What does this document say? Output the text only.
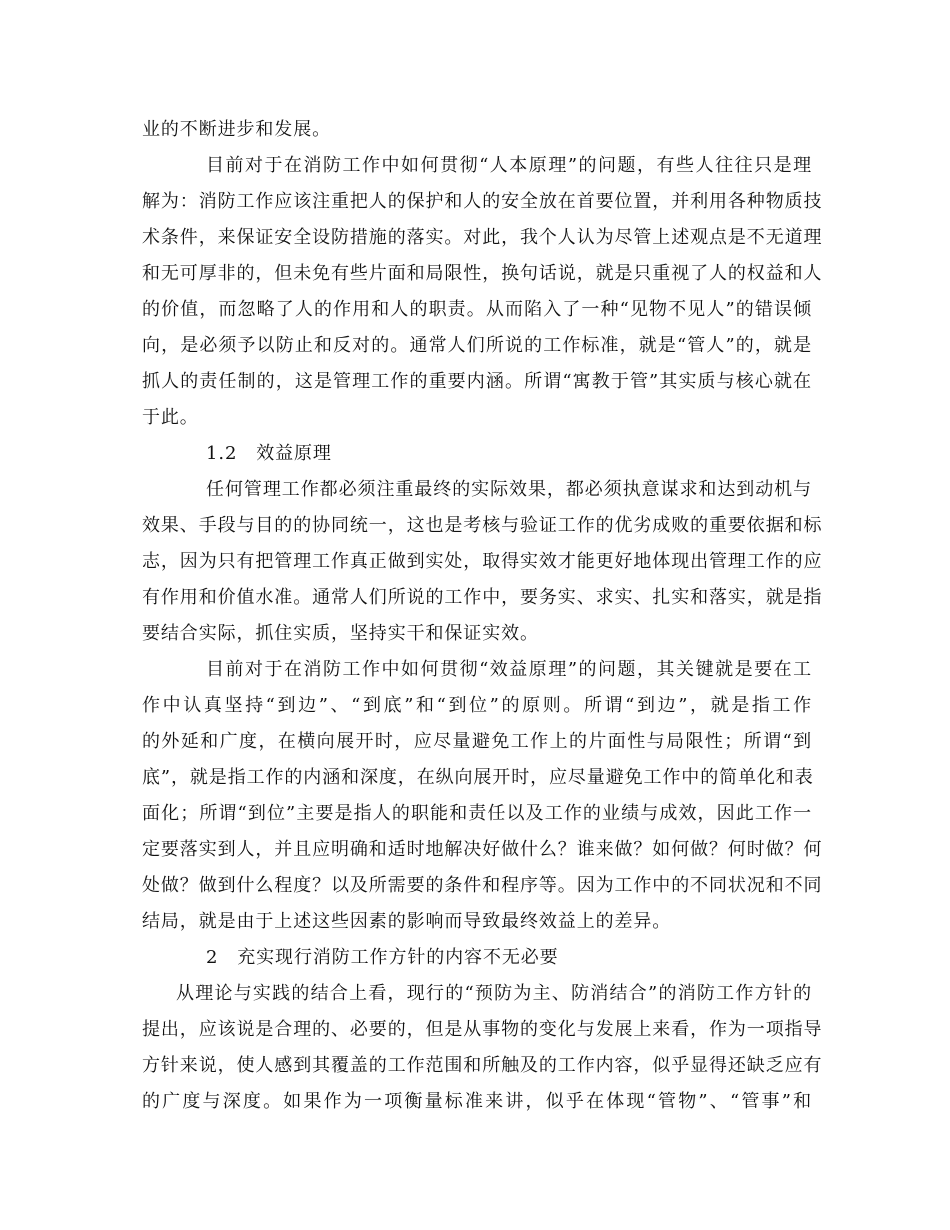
业的不断进步和发展。
目前对于在消防工作中如何贯彻“人本原理”的问题，有些人往往只是理
解为：消防工作应该注重把人的保护和人的安全放在首要位置，并利用各种物质技
术条件，来保证安全设防措施的落实。对此，我个人认为尽管上述观点是不无道理
和无可厚非的，但未免有些片面和局限性，换句话说，就是只重视了人的权益和人
的价值，而忽略了人的作用和人的职责。从而陷入了一种“见物不见人”的错误倾
向，是必须予以防止和反对的。通常人们所说的工作标准，就是“管人”的，就是
抓人的责任制的，这是管理工作的重要内涵。所谓“寓教于管”其实质与核心就在
于此。
1.2　效益原理
任何管理工作都必须注重最终的实际效果，都必须执意谋求和达到动机与
效果、手段与目的的协同统一，这也是考核与验证工作的优劣成败的重要依据和标
志，因为只有把管理工作真正做到实处，取得实效才能更好地体现出管理工作的应
有作用和价值水准。通常人们所说的工作中，要务实、求实、扎实和落实，就是指
要结合实际，抓住实质，坚持实干和保证实效。
目前对于在消防工作中如何贯彻“效益原理”的问题，其关键就是要在工
作中认真坚持“到边”、“到底”和“到位”的原则。所谓“到边”，就是指工作
的外延和广度，在横向展开时，应尽量避免工作上的片面性与局限性；所谓“到
底”，就是指工作的内涵和深度，在纵向展开时，应尽量避免工作中的简单化和表
面化；所谓“到位”主要是指人的职能和责任以及工作的业绩与成效，因此工作一
定要落实到人，并且应明确和适时地解决好做什么？谁来做？如何做？何时做？何
处做？做到什么程度？以及所需要的条件和程序等。因为工作中的不同状况和不同
结局，就是由于上述这些因素的影响而导致最终效益上的差异。
2　充实现行消防工作方针的内容不无必要
从理论与实践的结合上看，现行的“预防为主、防消结合”的消防工作方针的
提出，应该说是合理的、必要的，但是从事物的变化与发展上来看，作为一项指导
方针来说，使人感到其覆盖的工作范围和所触及的工作内容，似乎显得还缺乏应有
的广度与深度。如果作为一项衡量标准来讲，似乎在体现“管物”、“管事”和
